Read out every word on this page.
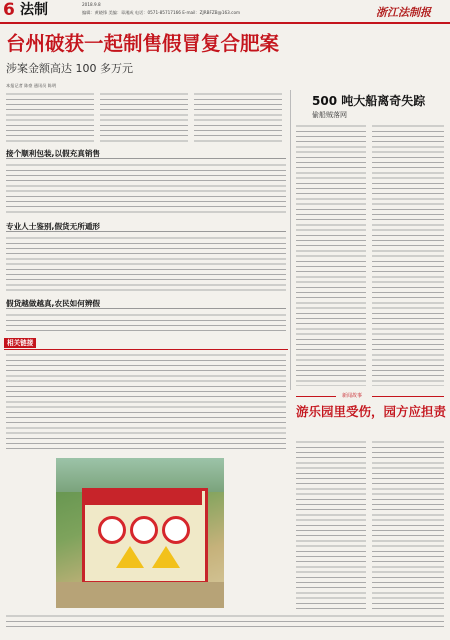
6 法制	2018.9.8
编辑：黄晓锋 美编：章湘成 电话：0571-85717166 E-mail：ZJRBFZB@163.com	浙江法制报
台州破获一起制售假冒复合肥案
涉案金额高达 100 多万元
本报记者 陈豪 通讯员 陈明
接个顺利包装,以假充真销售
专业人士鉴别,假货无所遁形
假货越做越真,农民如何辨假
相关链接
500 吨大船离奇失踪
偷船贼落网
新闻故事
游乐园里受伤，园方应担责
